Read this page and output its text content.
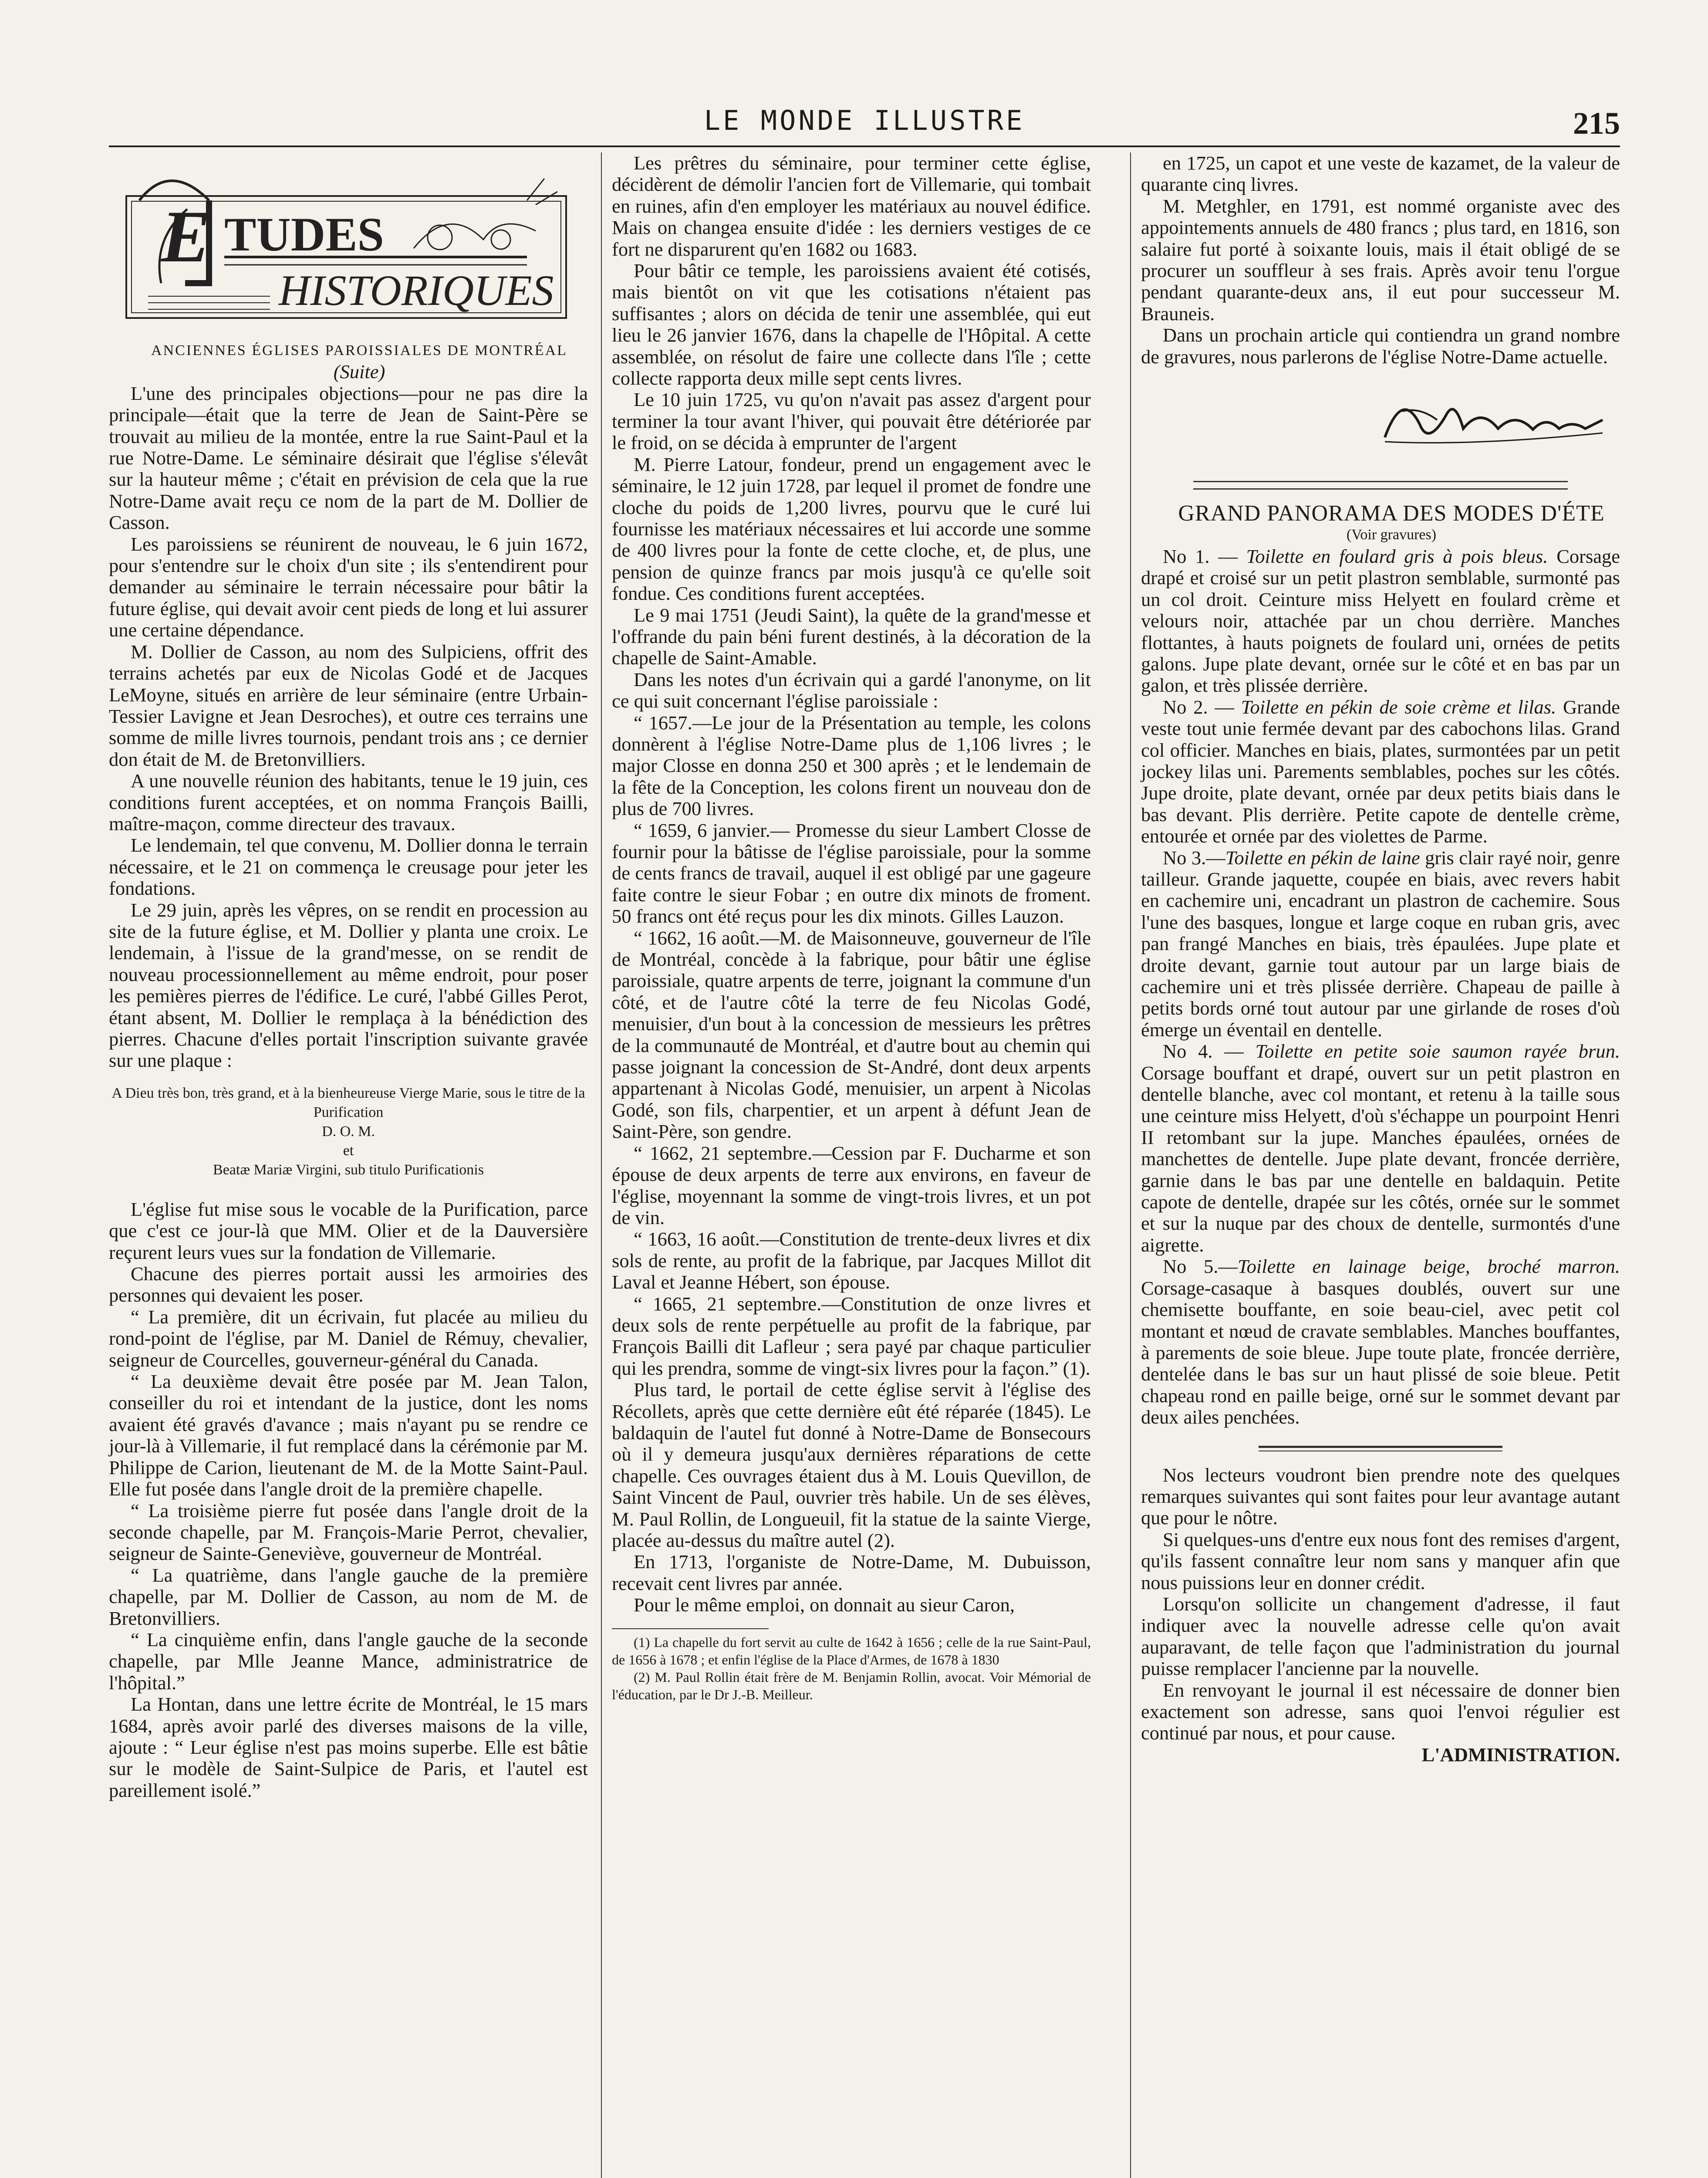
LE MONDE ILLUSTRE	215
E TUDES
HISTORIQUES

ANCIENNES ÉGLISES PAROISSIALES DE MONTRÉAL

(Suite)

L'une des principales objections—pour ne pas dire la principale—était que la terre de Jean de Saint-Père se trouvait au milieu de la montée, entre la rue Saint-Paul et la rue Notre-Dame. Le séminaire désirait que l'église s'élevât sur la hauteur même ; c'était en prévision de cela que la rue Notre-Dame avait reçu ce nom de la part de M. Dollier de Casson.

Les paroissiens se réunirent de nouveau, le 6 juin 1672, pour s'entendre sur le choix d'un site ; ils s'entendirent pour demander au séminaire le terrain nécessaire pour bâtir la future église, qui devait avoir cent pieds de long et lui assurer une certaine dépendance.

M. Dollier de Casson, au nom des Sulpiciens, offrit des terrains achetés par eux de Nicolas Godé et de Jacques LeMoyne, situés en arrière de leur séminaire (entre Urbain-Tessier Lavigne et Jean Desroches), et outre ces terrains une somme de mille livres tournois, pendant trois ans ; ce dernier don était de M. de Bretonvilliers.

A une nouvelle réunion des habitants, tenue le 19 juin, ces conditions furent acceptées, et on nomma François Bailli, maître-maçon, comme directeur des travaux.

Le lendemain, tel que convenu, M. Dollier donna le terrain nécessaire, et le 21 on commença le creusage pour jeter les fondations.

Le 29 juin, après les vêpres, on se rendit en procession au site de la future église, et M. Dollier y planta une croix. Le lendemain, à l'issue de la grand'messe, on se rendit de nouveau processionnellement au même endroit, pour poser les pemières pierres de l'édifice. Le curé, l'abbé Gilles Perot, étant absent, M. Dollier le remplaça à la bénédiction des pierres. Chacune d'elles portait l'inscription suivante gravée sur une plaque :

A Dieu très bon, très grand, et à la bienheureuse Vierge Marie, sous le titre de la Purification
D. O. M.
et
Beatæ Mariæ Virgini, sub titulo Purificationis

L'église fut mise sous le vocable de la Purification, parce que c'est ce jour-là que MM. Olier et de la Dauversière reçurent leurs vues sur la fondation de Villemarie.

Chacune des pierres portait aussi les armoiries des personnes qui devaient les poser.

“ La première, dit un écrivain, fut placée au milieu du rond-point de l'église, par M. Daniel de Rémuy, chevalier, seigneur de Courcelles, gouverneur-général du Canada.

“ La deuxième devait être posée par M. Jean Talon, conseiller du roi et intendant de la justice, dont les noms avaient été gravés d'avance ; mais n'ayant pu se rendre ce jour-là à Villemarie, il fut remplacé dans la cérémonie par M. Philippe de Carion, lieutenant de M. de la Motte Saint-Paul. Elle fut posée dans l'angle droit de la première chapelle.

“ La troisième pierre fut posée dans l'angle droit de la seconde chapelle, par M. François-Marie Perrot, chevalier, seigneur de Sainte-Geneviève, gouverneur de Montréal.

“ La quatrième, dans l'angle gauche de la première chapelle, par M. Dollier de Casson, au nom de M. de Bretonvilliers.

“ La cinquième enfin, dans l'angle gauche de la seconde chapelle, par Mlle Jeanne Mance, administratrice de l'hôpital.”

La Hontan, dans une lettre écrite de Montréal, le 15 mars 1684, après avoir parlé des diverses maisons de la ville, ajoute : “ Leur église n'est pas moins superbe. Elle est bâtie sur le modèle de Saint-Sulpice de Paris, et l'autel est pareillement isolé.”

Les prêtres du séminaire, pour terminer cette église, décidèrent de démolir l'ancien fort de Villemarie, qui tombait en ruines, afin d'en employer les matériaux au nouvel édifice. Mais on changea ensuite d'idée : les derniers vestiges de ce fort ne disparurent qu'en 1682 ou 1683.

Pour bâtir ce temple, les paroissiens avaient été cotisés, mais bientôt on vit que les cotisations n'étaient pas suffisantes ; alors on décida de tenir une assemblée, qui eut lieu le 26 janvier 1676, dans la chapelle de l'Hôpital. A cette assemblée, on résolut de faire une collecte dans l'île ; cette collecte rapporta deux mille sept cents livres.

Le 10 juin 1725, vu qu'on n'avait pas assez d'argent pour terminer la tour avant l'hiver, qui pouvait être détériorée par le froid, on se décida à emprunter de l'argent

M. Pierre Latour, fondeur, prend un engagement avec le séminaire, le 12 juin 1728, par lequel il promet de fondre une cloche du poids de 1,200 livres, pourvu que le curé lui fournisse les matériaux nécessaires et lui accorde une somme de 400 livres pour la fonte de cette cloche, et, de plus, une pension de quinze francs par mois jusqu'à ce qu'elle soit fondue. Ces conditions furent acceptées.

Le 9 mai 1751 (Jeudi Saint), la quête de la grand'messe et l'offrande du pain béni furent destinés, à la décoration de la chapelle de Saint-Amable.

Dans les notes d'un écrivain qui a gardé l'anonyme, on lit ce qui suit concernant l'église paroissiale :

“ 1657.—Le jour de la Présentation au temple, les colons donnèrent à l'église Notre-Dame plus de 1,106 livres ; le major Closse en donna 250 et 300 après ; et le lendemain de la fête de la Conception, les colons firent un nouveau don de plus de 700 livres.

“ 1659, 6 janvier.— Promesse du sieur Lambert Closse de fournir pour la bâtisse de l'église paroissiale, pour la somme de cents francs de travail, auquel il est obligé par une gageure faite contre le sieur Fobar ; en outre dix minots de froment. 50 francs ont été reçus pour les dix minots. Gilles Lauzon.

“ 1662, 16 août.—M. de Maisonneuve, gouverneur de l'île de Montréal, concède à la fabrique, pour bâtir une église paroissiale, quatre arpents de terre, joignant la commune d'un côté, et de l'autre côté la terre de feu Nicolas Godé, menuisier, d'un bout à la concession de messieurs les prêtres de la communauté de Montréal, et d'autre bout au chemin qui passe joignant la concession de St-André, dont deux arpents appartenant à Nicolas Godé, menuisier, un arpent à Nicolas Godé, son fils, charpentier, et un arpent à défunt Jean de Saint-Père, son gendre.

“ 1662, 21 septembre.—Cession par F. Ducharme et son épouse de deux arpents de terre aux environs, en faveur de l'église, moyennant la somme de vingt-trois livres, et un pot de vin.

“ 1663, 16 août.—Constitution de trente-deux livres et dix sols de rente, au profit de la fabrique, par Jacques Millot dit Laval et Jeanne Hébert, son épouse.

“ 1665, 21 septembre.—Constitution de onze livres et deux sols de rente perpétuelle au profit de la fabrique, par François Bailli dit Lafleur ; sera payé par chaque particulier qui les prendra, somme de vingt-six livres pour la façon.” (1).

Plus tard, le portail de cette église servit à l'église des Récollets, après que cette dernière eût été réparée (1845). Le baldaquin de l'autel fut donné à Notre-Dame de Bonsecours où il y demeura jusqu'aux dernières réparations de cette chapelle. Ces ouvrages étaient dus à M. Louis Quevillon, de Saint Vincent de Paul, ouvrier très habile. Un de ses élèves, M. Paul Rollin, de Longueuil, fit la statue de la sainte Vierge, placée au-dessus du maître autel (2).

En 1713, l'organiste de Notre-Dame, M. Dubuisson, recevait cent livres par année.

Pour le même emploi, on donnait au sieur Caron,

(1) La chapelle du fort servit au culte de 1642 à 1656 ; celle de la rue Saint-Paul, de 1656 à 1678 ; et enfin l'église de la Place d'Armes, de 1678 à 1830

(2) M. Paul Rollin était frère de M. Benjamin Rollin, avocat. Voir Mémorial de l'éducation, par le Dr J.-B. Meilleur.

en 1725, un capot et une veste de kazamet, de la valeur de quarante cinq livres.

M. Metghler, en 1791, est nommé organiste avec des appointements annuels de 480 francs ; plus tard, en 1816, son salaire fut porté à soixante louis, mais il était obligé de se procurer un souffleur à ses frais. Après avoir tenu l'orgue pendant quarante-deux ans, il eut pour successeur M. Brauneis.

Dans un prochain article qui contiendra un grand nombre de gravures, nous parlerons de l'église Notre-Dame actuelle.

GRAND PANORAMA DES MODES D'ÉTE

(Voir gravures)

No 1. — Toilette en foulard gris à pois bleus. Corsage drapé et croisé sur un petit plastron semblable, surmonté pas un col droit. Ceinture miss Helyett en foulard crème et velours noir, attachée par un chou derrière. Manches flottantes, à hauts poignets de foulard uni, ornées de petits galons. Jupe plate devant, ornée sur le côté et en bas par un galon, et très plissée derrière.

No 2. — Toilette en pékin de soie crème et lilas. Grande veste tout unie fermée devant par des cabochons lilas. Grand col officier. Manches en biais, plates, surmontées par un petit jockey lilas uni. Parements semblables, poches sur les côtés. Jupe droite, plate devant, ornée par deux petits biais dans le bas devant. Plis derrière. Petite capote de dentelle crème, entourée et ornée par des violettes de Parme.

No 3.—Toilette en pékin de laine gris clair rayé noir, genre tailleur. Grande jaquette, coupée en biais, avec revers habit en cachemire uni, encadrant un plastron de cachemire. Sous l'une des basques, longue et large coque en ruban gris, avec pan frangé Manches en biais, très épaulées. Jupe plate et droite devant, garnie tout autour par un large biais de cachemire uni et très plissée derrière. Chapeau de paille à petits bords orné tout autour par une girlande de roses d'où émerge un éventail en dentelle.

No 4. — Toilette en petite soie saumon rayée brun. Corsage bouffant et drapé, ouvert sur un petit plastron en dentelle blanche, avec col montant, et retenu à la taille sous une ceinture miss Helyett, d'où s'échappe un pourpoint Henri II retombant sur la jupe. Manches épaulées, ornées de manchettes de dentelle. Jupe plate devant, froncée derrière, garnie dans le bas par une dentelle en baldaquin. Petite capote de dentelle, drapée sur les côtés, ornée sur le sommet et sur la nuque par des choux de dentelle, surmontés d'une aigrette.

No 5.—Toilette en lainage beige, broché marron. Corsage-casaque à basques doublés, ouvert sur une chemisette bouffante, en soie beau-ciel, avec petit col montant et nœud de cravate semblables. Manches bouffantes, à parements de soie bleue. Jupe toute plate, froncée derrière, dentelée dans le bas sur un haut plissé de soie bleue. Petit chapeau rond en paille beige, orné sur le sommet devant par deux ailes penchées.

Nos lecteurs voudront bien prendre note des quelques remarques suivantes qui sont faites pour leur avantage autant que pour le nôtre.

Si quelques-uns d'entre eux nous font des remises d'argent, qu'ils fassent connaître leur nom sans y manquer afin que nous puissions leur en donner crédit.

Lorsqu'on sollicite un changement d'adresse, il faut indiquer avec la nouvelle adresse celle qu'on avait auparavant, de telle façon que l'administration du journal puisse remplacer l'ancienne par la nouvelle.

En renvoyant le journal il est nécessaire de donner bien exactement son adresse, sans quoi l'envoi régulier est continué par nous, et pour cause.

L'ADMINISTRATION.
